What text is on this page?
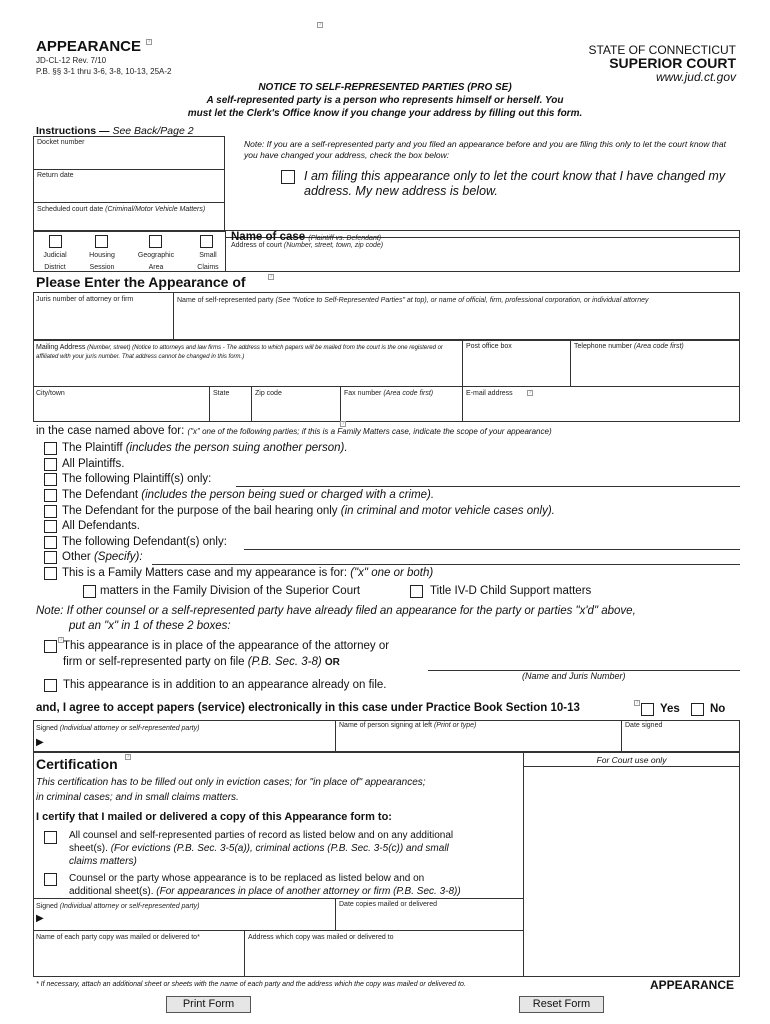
?
APPEARANCE	?
JD-CL-12 Rev. 7/10
P.B. §§ 3-1 thru 3-6, 3-8, 10-13, 25A-2
STATE OF CONNECTICUT
SUPERIOR COURT
www.jud.ct.gov
NOTICE TO SELF-REPRESENTED PARTIES (PRO SE)
A self-represented party is a person who represents himself or herself. You
must let the Clerk's Office know if you change your address by filling out this form.
Instructions — See Back/Page 2
Docket number
Return date
Scheduled court date (Criminal/Motor Vehicle Matters)
Note: If you are a self-represented party and you filed an appearance before and you are filing this only to let the court know that you have changed your address, check the box below:
I am filing this appearance only to let the court know that I have changed my
address. My new address is below.
Name of case (Plaintiff vs. Defendant)
Address of court (Number, street, town, zip code)
Judicial District
Housing Session
Geographic Area
Small Claims
Please Enter the Appearance of	?
Juris number of attorney or firm	Name of self-represented party (See "Notice to Self-Represented Parties" at top), or name of official, firm, professional corporation, or individual attorney
Mailing Address (Number, street) (Notice to attorneys and law firms - The address to which papers will be mailed from the court is the one registered or affiliated with your juris number. That address cannot be changed in this form.)
Post office box	Telephone number (Area code first)
City/town	State	Zip code	Fax number (Area code first)	E-mail address	?
in the case named above for: ("x" one of the following parties; if this is a Family Matters case, indicate the scope of your appearance)
?
The Plaintiff (includes the person suing another person).
All Plaintiffs.
The following Plaintiff(s) only:
The Defendant (includes the person being sued or charged with a crime).
The Defendant for the purpose of the bail hearing only (in criminal and motor vehicle cases only).
All Defendants.
The following Defendant(s) only:
Other (Specify):
This is a Family Matters case and my appearance is for: ("x" one or both)
matters in the Family Division of the Superior Court	Title IV-D Child Support matters
Note: If other counsel or a self-represented party have already filed an appearance for the party or parties "x'd" above,
put an "x" in 1 of these 2 boxes:
? This appearance is in place of the appearance of the attorney or
firm or self-represented party on file (P.B. Sec. 3-8) OR
(Name and Juris Number)
This appearance is in addition to an appearance already on file.
and, I agree to accept papers (service) electronically in this case under Practice Book Section 10-13	? Yes	No
Signed (Individual attorney or self-represented party)
▶
Name of person signing at left (Print or type)	Date signed
For Court use only
Certification	?
This certification has to be filled out only in eviction cases; for "in place of" appearances;
in criminal cases; and in small claims matters.
I certify that I mailed or delivered a copy of this Appearance form to:
All counsel and self-represented parties of record as listed below and on any additional
sheet(s). (For evictions (P.B. Sec. 3-5(a)), criminal actions (P.B. Sec. 3-5(c)) and small
claims matters)
Counsel or the party whose appearance is to be replaced as listed below and on
additional sheet(s). (For appearances in place of another attorney or firm (P.B. Sec. 3-8))
Signed (Individual attorney or self-represented party)
▶
Date copies mailed or delivered
Name of each party copy was mailed or delivered to*	Address which copy was mailed or delivered to
* If necessary, attach an additional sheet or sheets with the name of each party and the address which the copy was mailed or delivered to.	APPEARANCE
Print Form	Reset Form
